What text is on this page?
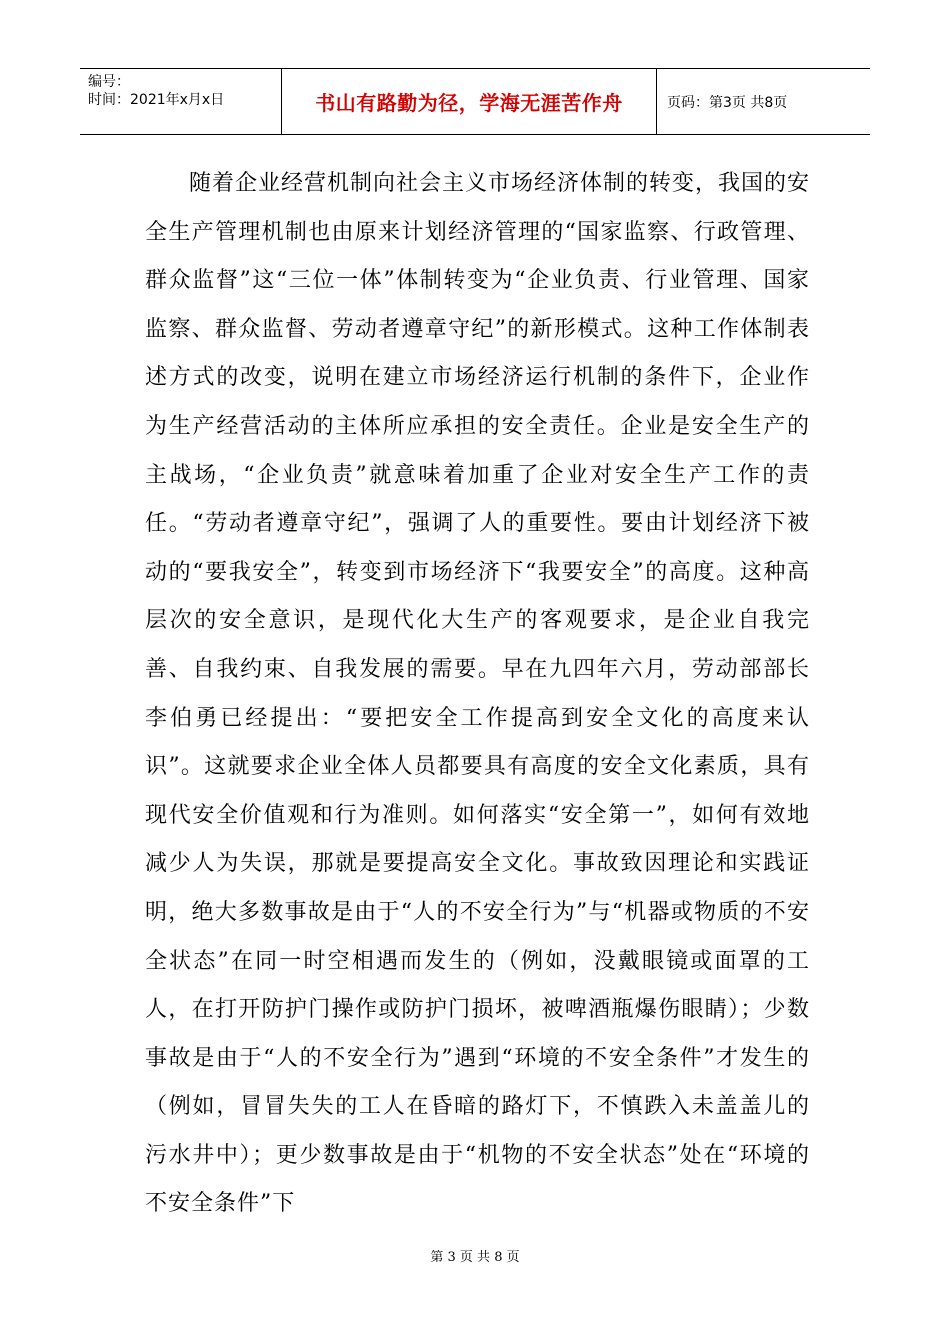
编号：
时间：2021年x月x日	书山有路勤为径，学海无涯苦作舟	页码：第3页 共8页

随着企业经营机制向社会主义市场经济体制的转变，我国的安全生产管理机制也由原来计划经济管理的“国家监察、行政管理、群众监督”这“三位一体”体制转变为“企业负责、行业管理、国家监察、群众监督、劳动者遵章守纪”的新形模式。这种工作体制表述方式的改变，说明在建立市场经济运行机制的条件下，企业作为生产经营活动的主体所应承担的安全责任。企业是安全生产的主战场，“企业负责”就意味着加重了企业对安全生产工作的责任。“劳动者遵章守纪”，强调了人的重要性。要由计划经济下被动的“要我安全”，转变到市场经济下“我要安全”的高度。这种高层次的安全意识，是现代化大生产的客观要求，是企业自我完善、自我约束、自我发展的需要。早在九四年六月，劳动部部长李伯勇已经提出：“要把安全工作提高到安全文化的高度来认识”。这就要求企业全体人员都要具有高度的安全文化素质，具有现代安全价值观和行为准则。如何落实“安全第一”，如何有效地减少人为失误，那就是要提高安全文化。事故致因理论和实践证明，绝大多数事故是由于“人的不安全行为”与“机器或物质的不安全状态”在同一时空相遇而发生的（例如，没戴眼镜或面罩的工人，在打开防护门操作或防护门损坏，被啤酒瓶爆伤眼睛）；少数事故是由于“人的不安全行为”遇到“环境的不安全条件”才发生的（例如，冒冒失失的工人在昏暗的路灯下，不慎跌入未盖盖儿的污水井中）；更少数事故是由于“机物的不安全状态”处在“环境的不安全条件”下

第 3 页 共 8 页
